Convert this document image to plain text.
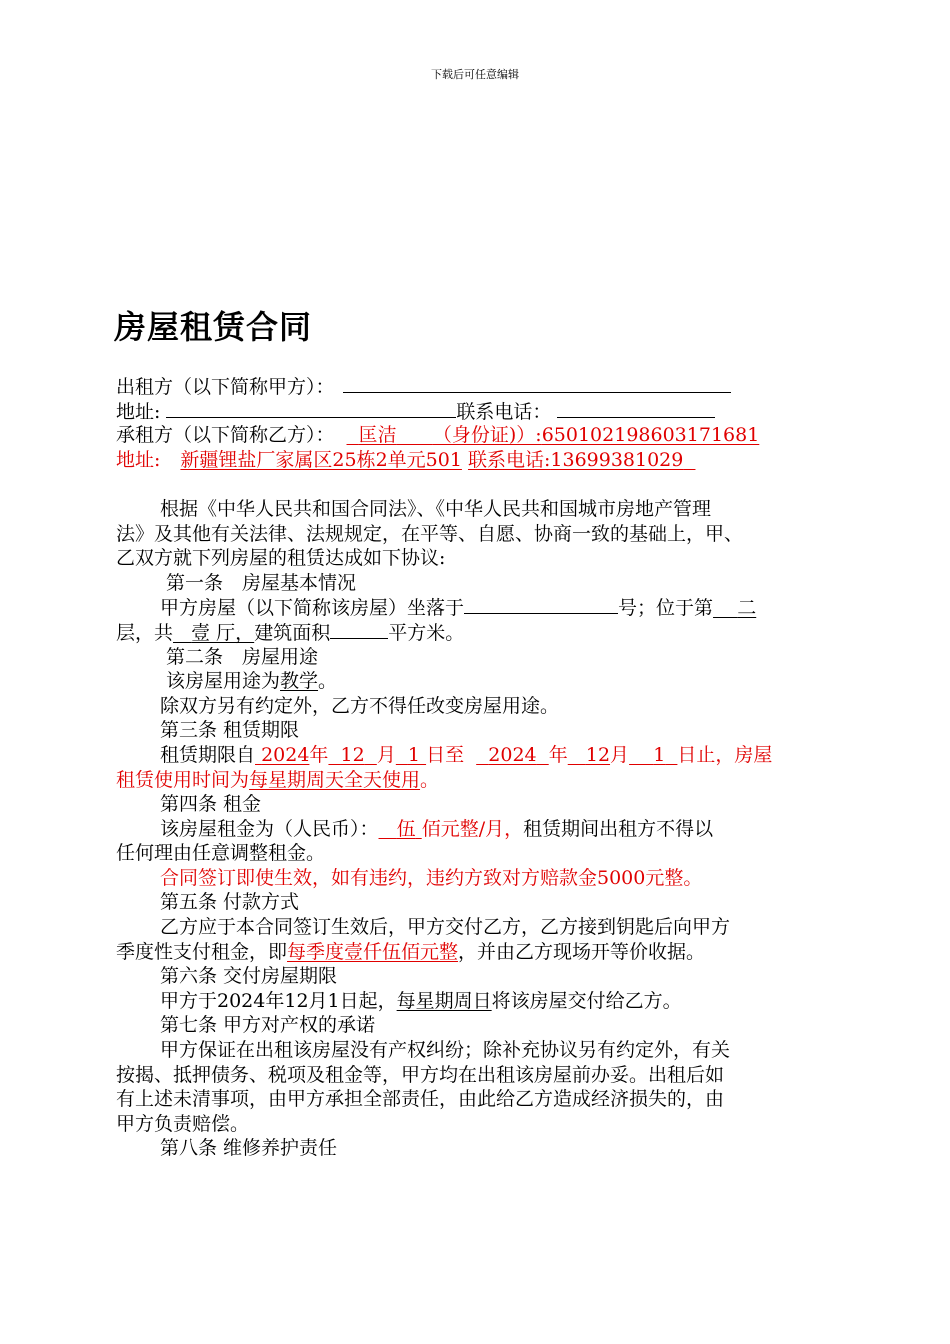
下载后可任意编辑
房屋租赁合同
出租方（以下简称甲方）：
地址:	联系电话：
承租方（以下简称乙方）： 匡洁 （身份证)）:650102198603171681
地址: 新疆锂盐厂家属区25栋2单元501 联系电话:13699381029
根据《中华人民共和国合同法》、《中华人民共和国城市房地产管理
法》及其他有关法律、法规规定，在平等、自愿、协商一致的基础上，甲、
乙双方就下列房屋的租赁达成如下协议:
第一条　房屋基本情况
甲方房屋（以下简称该房屋）坐落于	号；位于第 二
层，共 壹 厅，建筑面积	平方米。
第二条　房屋用途
该房屋用途为教学。
除双方另有约定外，乙方不得任改变房屋用途。
第三条 租赁期限
租赁期限自 2024年 12 月 1 日至 2024 年 12月 1 日止，房屋
租赁使用时间为每星期周天全天使用。
第四条 租金
该房屋租金为（人民币）： 伍 佰元整/月，租赁期间出租方不得以
任何理由任意调整租金。
合同签订即使生效，如有违约，违约方致对方赔款金5000元整。
第五条 付款方式
乙方应于本合同签订生效后，甲方交付乙方，乙方接到钥匙后向甲方
季度性支付租金，即每季度壹仟伍佰元整，并由乙方现场开等价收据。
第六条 交付房屋期限
甲方于2024年12月1日起，每星期周日将该房屋交付给乙方。
第七条 甲方对产权的承诺
甲方保证在出租该房屋没有产权纠纷；除补充协议另有约定外，有关
按揭、抵押债务、税项及租金等，甲方均在出租该房屋前办妥。出租后如
有上述未清事项，由甲方承担全部责任，由此给乙方造成经济损失的，由
甲方负责赔偿。
第八条 维修养护责任
